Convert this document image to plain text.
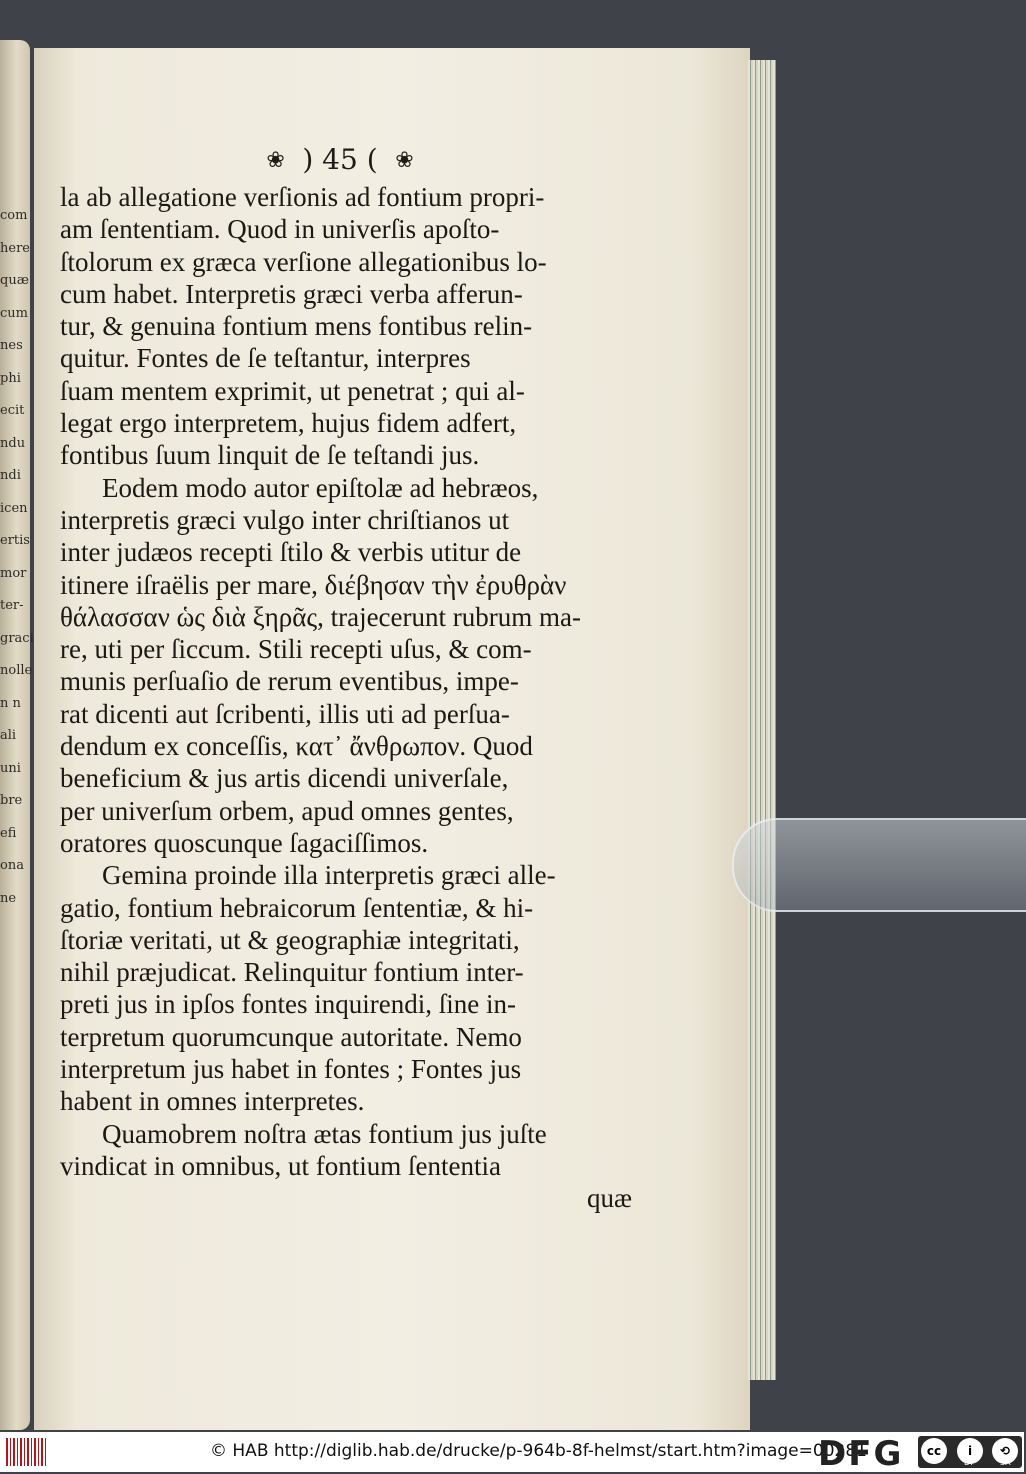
com
here
quæ
cum
nes
phi
ecit
ndu
ndi
icen
ertis
mor
ter-
graci
nolle
n n
ali
uni
bre
efi
ona
ne
❀ ) 45 ( ❀
la ab allegatione verſionis ad fontium propri-
am ſententiam. Quod in univerſis apoſto-
ſtolorum ex græca verſione allegationibus lo-
cum habet. Interpretis græci verba afferun-
tur, & genuina fontium mens fontibus relin-
quitur. Fontes de ſe teſtantur, interpres
ſuam mentem exprimit, ut penetrat ; qui al-
legat ergo interpretem, hujus fidem adfert,
fontibus ſuum linquit de ſe teſtandi jus.
Eodem modo autor epiſtolæ ad hebræos,
interpretis græci vulgo inter chriſtianos ut
inter judæos recepti ſtilo & verbis utitur de
itinere iſraëlis per mare, διέβησαν τὴν ἐρυθρὰν
θάλασσαν ὡς διὰ ξηρᾶς, trajecerunt rubrum ma-
re, uti per ſiccum. Stili recepti uſus, & com-
munis perſuaſio de rerum eventibus, impe-
rat dicenti aut ſcribenti, illis uti ad perſua-
dendum ex conceſſis, κατ᾽ ἄνθρωπον. Quod
beneficium & jus artis dicendi univerſale,
per univerſum orbem, apud omnes gentes,
oratores quoscunque ſagaciſſimos.
Gemina proinde illa interpretis græci alle-
gatio, fontium hebraicorum ſententiæ, & hi-
ſtoriæ veritati, ut & geographiæ integritati,
nihil præjudicat. Relinquitur fontium inter-
preti jus in ipſos fontes inquirendi, ſine in-
terpretum quorumcunque autoritate. Nemo
interpretum jus habet in fontes ; Fontes jus
habent in omnes interpretes.
Quamobrem noſtra ætas fontium jus juſte
vindicat in omnibus, ut fontium ſententia
quæ
© HAB http://diglib.hab.de/drucke/p-964b-8f-helmst/start.htm?image=00281
DFG	cc	i	⟲
BY	SA
